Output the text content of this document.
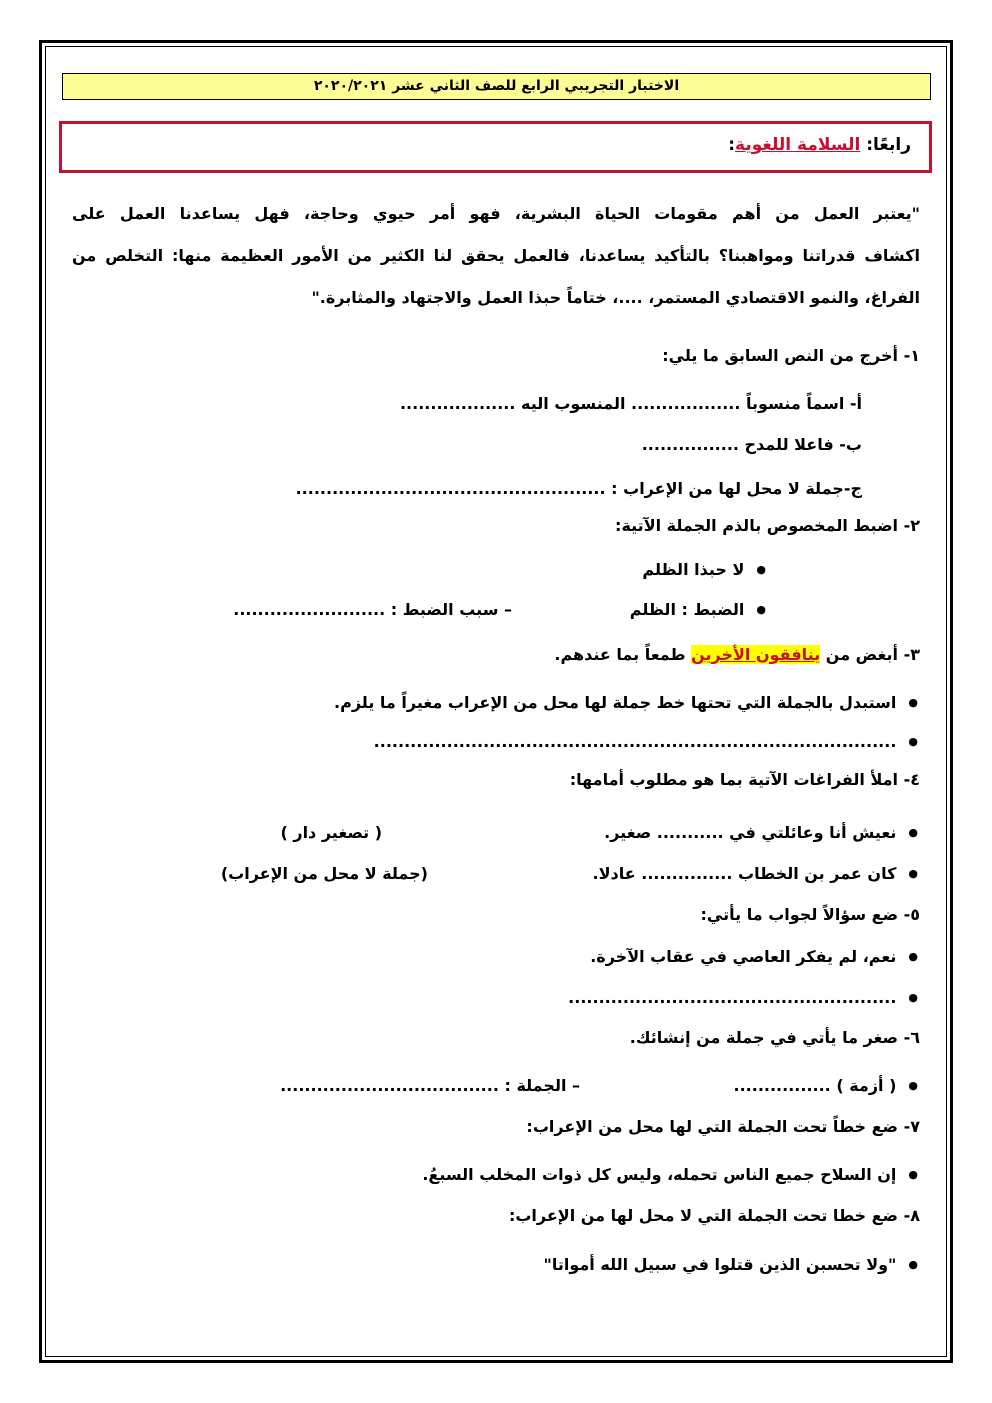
الاختبار التجريبي الرابع للصف الثاني عشر ٢٠٢٠/٢٠٢١
رابعًا: السلامة اللغوية:
"يعتبر العمل من أهم مقومات الحياة البشرية، فهو أمر حيوي وحاجة، فهل يساعدنا العمل على
اكشاف قدراتنا ومواهبنا؟ بالتأكيد يساعدنا، فالعمل يحقق لنا الكثير من الأمور العظيمة منها: التخلص من
الفراغ، والنمو الاقتصادي المستمر، ....، ختاماً حبذا العمل والاجتهاد والمثابرة."
١- أخرج من النص السابق ما يلي:
أ- اسماً منسوباً .................. المنسوب اليه ...................
ب- فاعلا للمدح ................
ج-جملة لا محل لها من الإعراب : ...................................................
٢- اضبط المخصوص بالذم الجملة الآتية:
● لا حبذا الظلم
● الضبط : الظلم
– سبب الضبط : .........................
٣- أبغض من ينافقون الأخرين طمعاً بما عندهم.
● استبدل بالجملة التي تحتها خط جملة لها محل من الإعراب مغيراً ما يلزم.
● ......................................................................................
٤- املأ الفراغات الآتية بما هو مطلوب أمامها:
● نعيش أنا وعائلتي في ........... صغير.
( تصغير دار )
● كان عمر بن الخطاب ............... عادلا.
(جملة لا محل من الإعراب)
٥- ضع سؤالاً لجواب ما يأتي:
● نعم، لم يفكر العاصي في عقاب الآخرة.
● ......................................................
٦- صغر ما يأتي في جملة من إنشائك.
● ( أزمة ) ................
– الجملة : ....................................
٧- ضع خطاً تحت الجملة التي لها محل من الإعراب:
● إن السلاح جميع الناس تحمله، وليس كل ذوات المخلب السبعُ.
٨- ضع خطا تحت الجملة التي لا محل لها من الإعراب:
● "ولا تحسبن الذين قتلوا في سبيل الله أمواتا"
